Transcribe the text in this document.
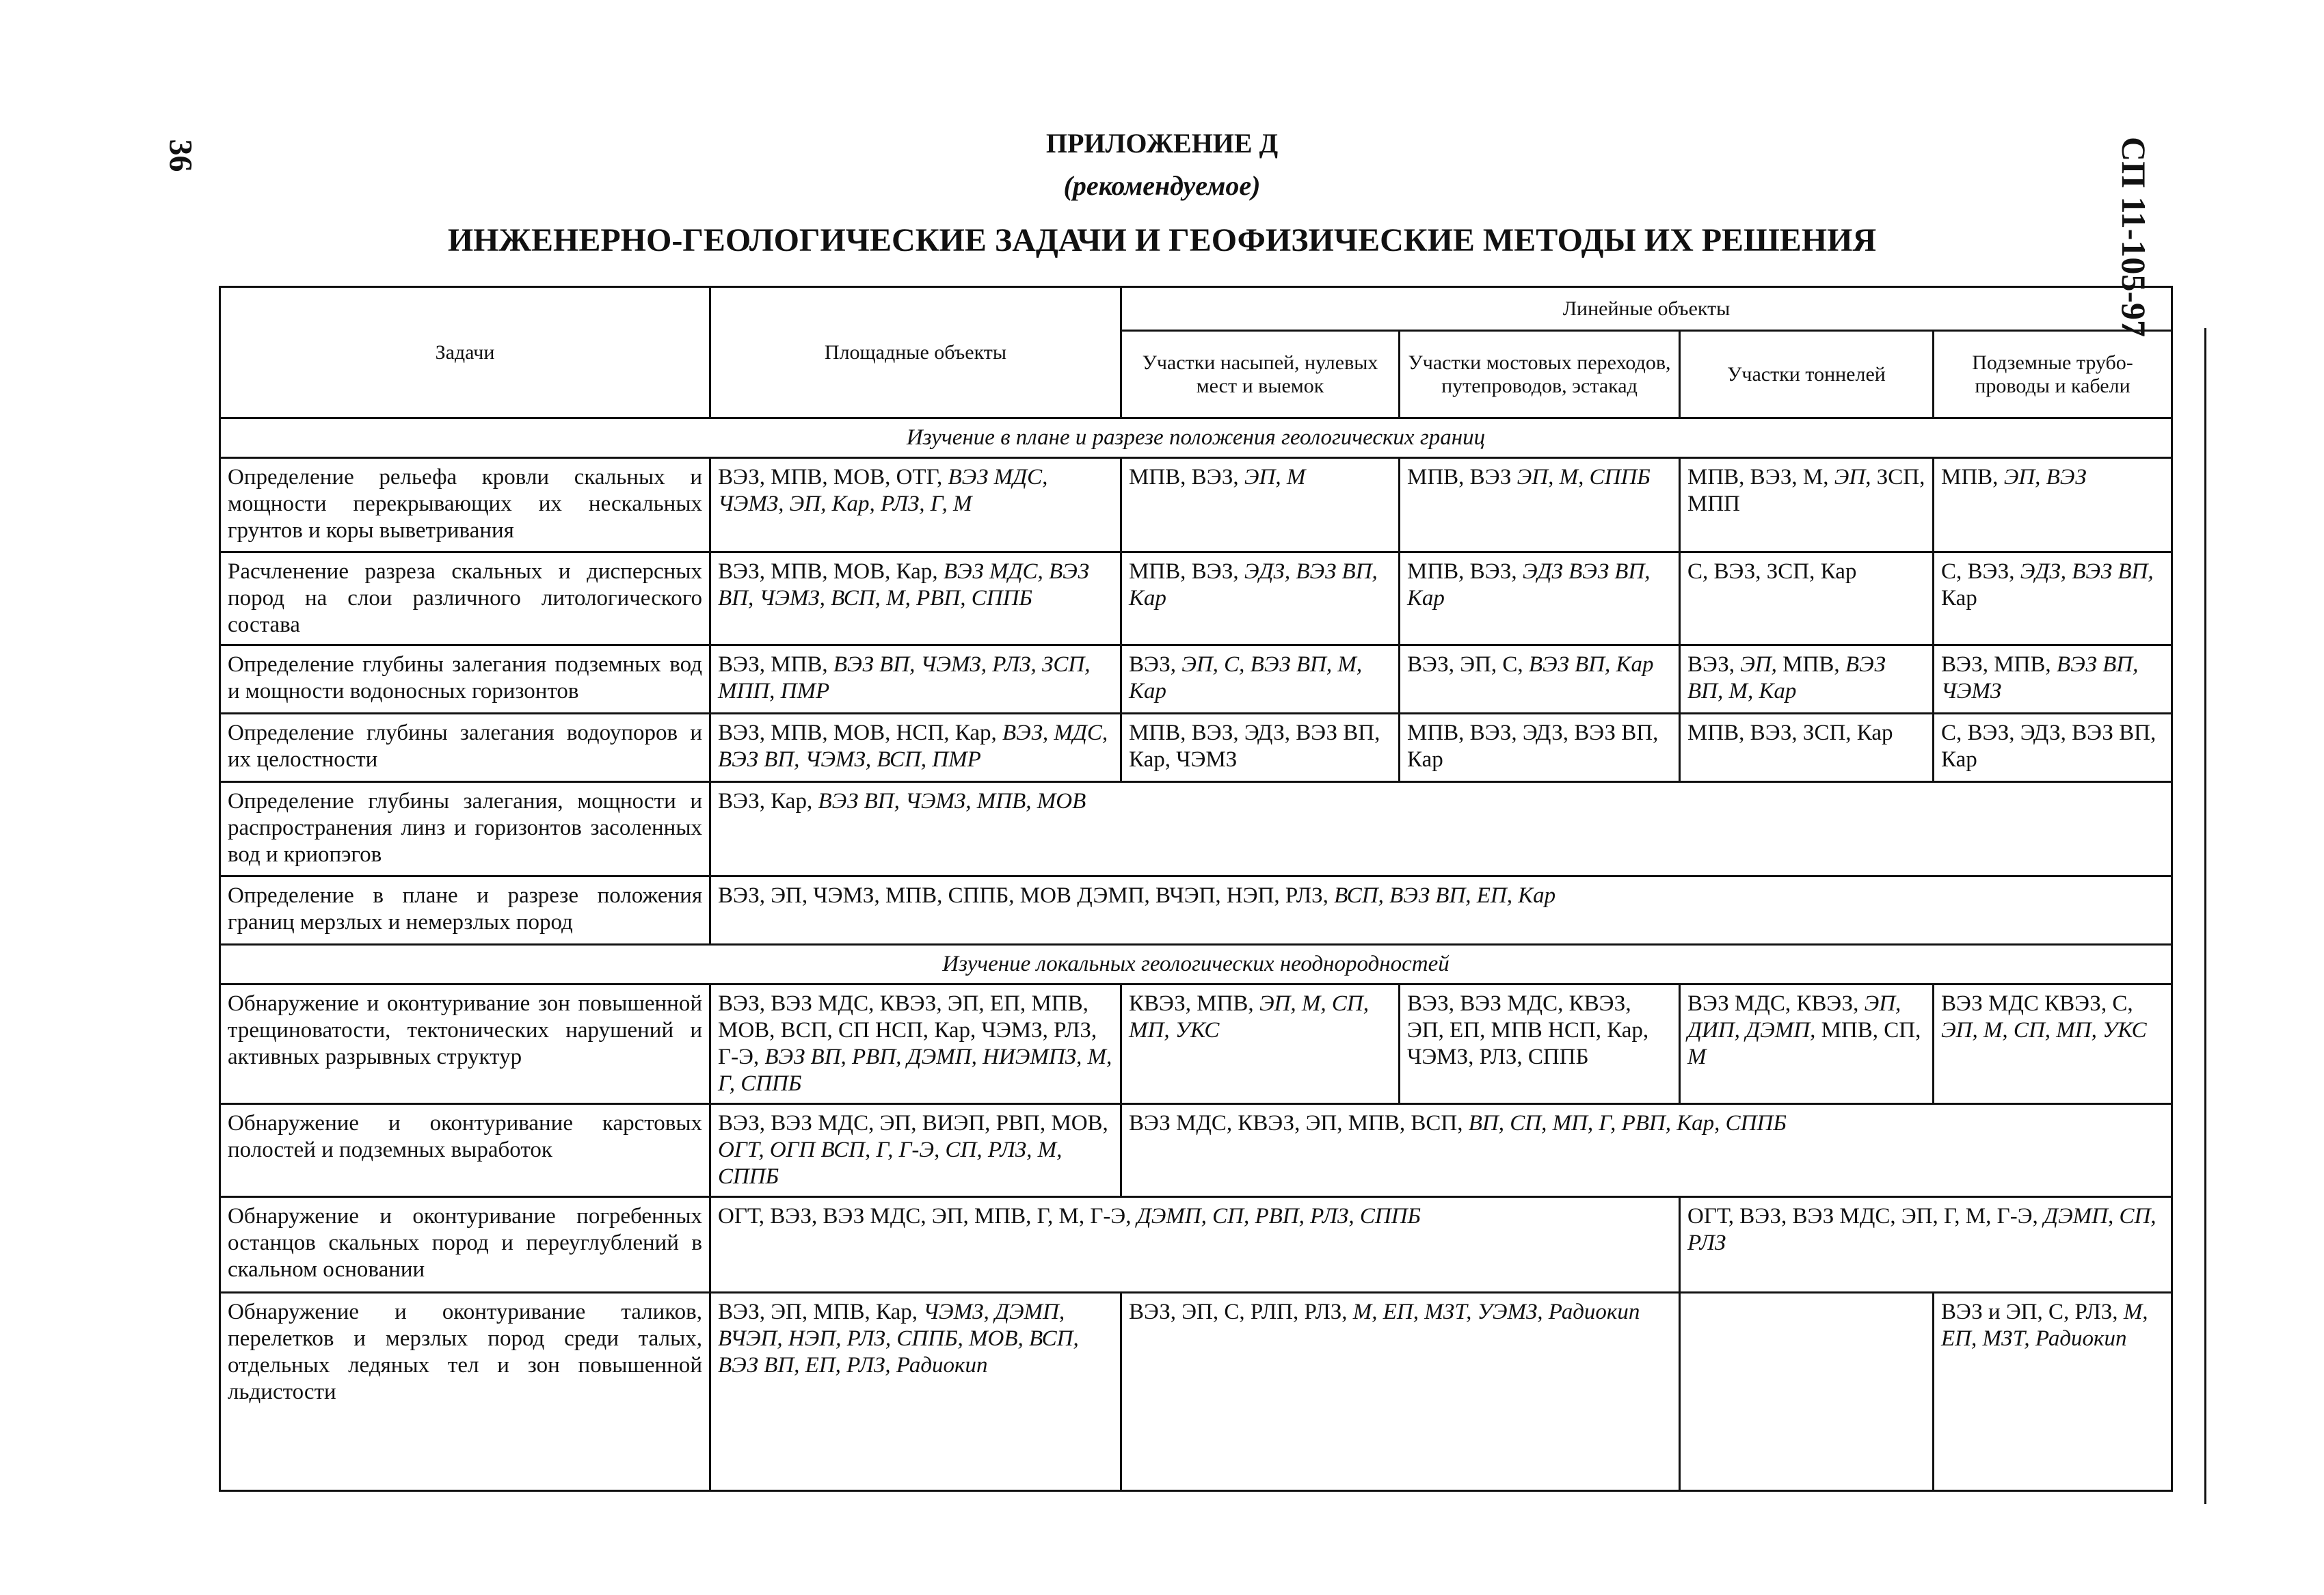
36	СП 11-105-97
ПРИЛОЖЕНИЕ Д
(рекомендуемое)
ИНЖЕНЕРНО-ГЕОЛОГИЧЕСКИЕ ЗАДАЧИ И ГЕОФИЗИЧЕСКИЕ МЕТОДЫ ИХ РЕШЕНИЯ
Задачи	Площадные объекты	Линейные объекты			
		Участки насыпей, нулевых мест и выемок	Участки мостовых переходов, путепроводов, эстакад	Участки тоннелей	Подземные трубопроводы и кабели
Изучение в плане и разрезе положения геологических границ					
Определение рельефа кровли скальных и мощности перекрывающих их нескальных грунтов и коры выветривания	ВЭЗ, МПВ, МОВ, ОТГ, ВЭЗ МДС, ЧЭМЗ, ЭП, Кар, РЛЗ, Г, М	МПВ, ВЭЗ, ЭП, М	МПВ, ВЭЗ ЭП, М, СППБ	МПВ, ВЭЗ, М, ЭП, ЗСП, МПП	МПВ, ЭП, ВЭЗ
Расчленение разреза скальных и дисперсных пород на слои различного литологического состава	ВЭЗ, МПВ, МОВ, Кар, ВЭЗ МДС, ВЭЗ ВП, ЧЭМЗ, ВСП, М, РВП, СППБ	МПВ, ВЭЗ, ЭДЗ, ВЭЗ ВП, Кар	МПВ, ВЭЗ, ЭДЗ ВЭЗ ВП, Кар	С, ВЭЗ, ЗСП, Кар	С, ВЭЗ, ЭДЗ, ВЭЗ ВП, Кар
Определение глубины залегания подземных вод и мощности водоносных горизонтов	ВЭЗ, МПВ, ВЭЗ ВП, ЧЭМЗ, РЛЗ, ЗСП, МПП, ПМР	ВЭЗ, ЭП, С, ВЭЗ ВП, М, Кар	ВЭЗ, ЭП, С, ВЭЗ ВП, Кар	ВЭЗ, ЭП, МПВ, ВЭЗ ВП, М, Кар	ВЭЗ, МПВ, ВЭЗ ВП, ЧЭМЗ
Определение глубины залегания водоупоров и их целостности	ВЭЗ, МПВ, МОВ, НСП, Кар, ВЭЗ, МДС, ВЭЗ ВП, ЧЭМЗ, ВСП, ПМР	МПВ, ВЭЗ, ЭДЗ, ВЭЗ ВП, Кар, ЧЭМЗ	МПВ, ВЭЗ, ЭДЗ, ВЭЗ ВП, Кар	МПВ, ВЭЗ, ЗСП, Кар	С, ВЭЗ, ЭДЗ, ВЭЗ ВП, Кар
Определение глубины залегания, мощности и распространения линз и горизонтов засоленных вод и криопэгов	ВЭЗ, Кар, ВЭЗ ВП, ЧЭМЗ, МПВ, МОВ				
Определение в плане и разрезе положения границ мерзлых и немерзлых пород	ВЭЗ, ЭП, ЧЭМЗ, МПВ, СППБ, МОВ ДЭМП, ВЧЭП, НЭП, РЛЗ, ВСП, ВЭЗ ВП, ЕП, Кар				
Изучение локальных геологических неоднородностей					
Обнаружение и оконтуривание зон повышенной трещиноватости, тектонических нарушений и активных разрывных структур	ВЭЗ, ВЭЗ МДС, КВЭЗ, ЭП, ЕП, МПВ, МОВ, ВСП, СП НСП, Кар, ЧЭМЗ, РЛЗ, Г-Э, ВЭЗ ВП, РВП, ДЭМП, НИЭМПЗ, М, Г, СППБ	КВЭЗ, МПВ, ЭП, М, СП, МП, УКС	ВЭЗ, ВЭЗ МДС, КВЭЗ, ЭП, ЕП, МПВ НСП, Кар, ЧЭМЗ, РЛЗ, СППБ	ВЭЗ МДС, КВЭЗ, ЭП, ДИП, ДЭМП, МПВ, СП, М	ВЭЗ МДС КВЭЗ, С, ЭП, М, СП, МП, УКС
Обнаружение и оконтуривание карстовых полостей и подземных выработок	ВЭЗ, ВЭЗ МДС, ЭП, ВИЭП, РВП, МОВ, ОГТ, ОГП ВСП, Г, Г-Э, СП, РЛЗ, М, СППБ	ВЭЗ МДС, КВЭЗ, ЭП, МПВ, ВСП, ВП, СП, МП, Г, РВП, Кар, СППБ			
Обнаружение и оконтуривание погребенных останцов скальных пород и переуглублений в скальном основании	ОГТ, ВЭЗ, ВЭЗ МДС, ЭП, МПВ, Г, М, Г-Э, ДЭМП, СП, РВП, РЛЗ, СППБ			ОГТ, ВЭЗ, ВЭЗ МДС, ЭП, Г, М, Г-Э, ДЭМП, СП, РЛЗ	
Обнаружение и оконтуривание таликов, перелетков и мерзлых пород среди талых, отдельных ледяных тел и зон повышенной льдистости	ВЭЗ, ЭП, МПВ, Кар, ЧЭМЗ, ДЭМП, ВЧЭП, НЭП, РЛЗ, СППБ, МОВ, ВСП, ВЭЗ ВП, ЕП, РЛЗ, Радиокип	ВЭЗ, ЭП, С, РЛП, РЛЗ, М, ЕП, МЗТ, УЭМЗ, Радиокип			ВЭЗ и ЭП, С, РЛЗ, М, ЕП, МЗТ, Радиокип
